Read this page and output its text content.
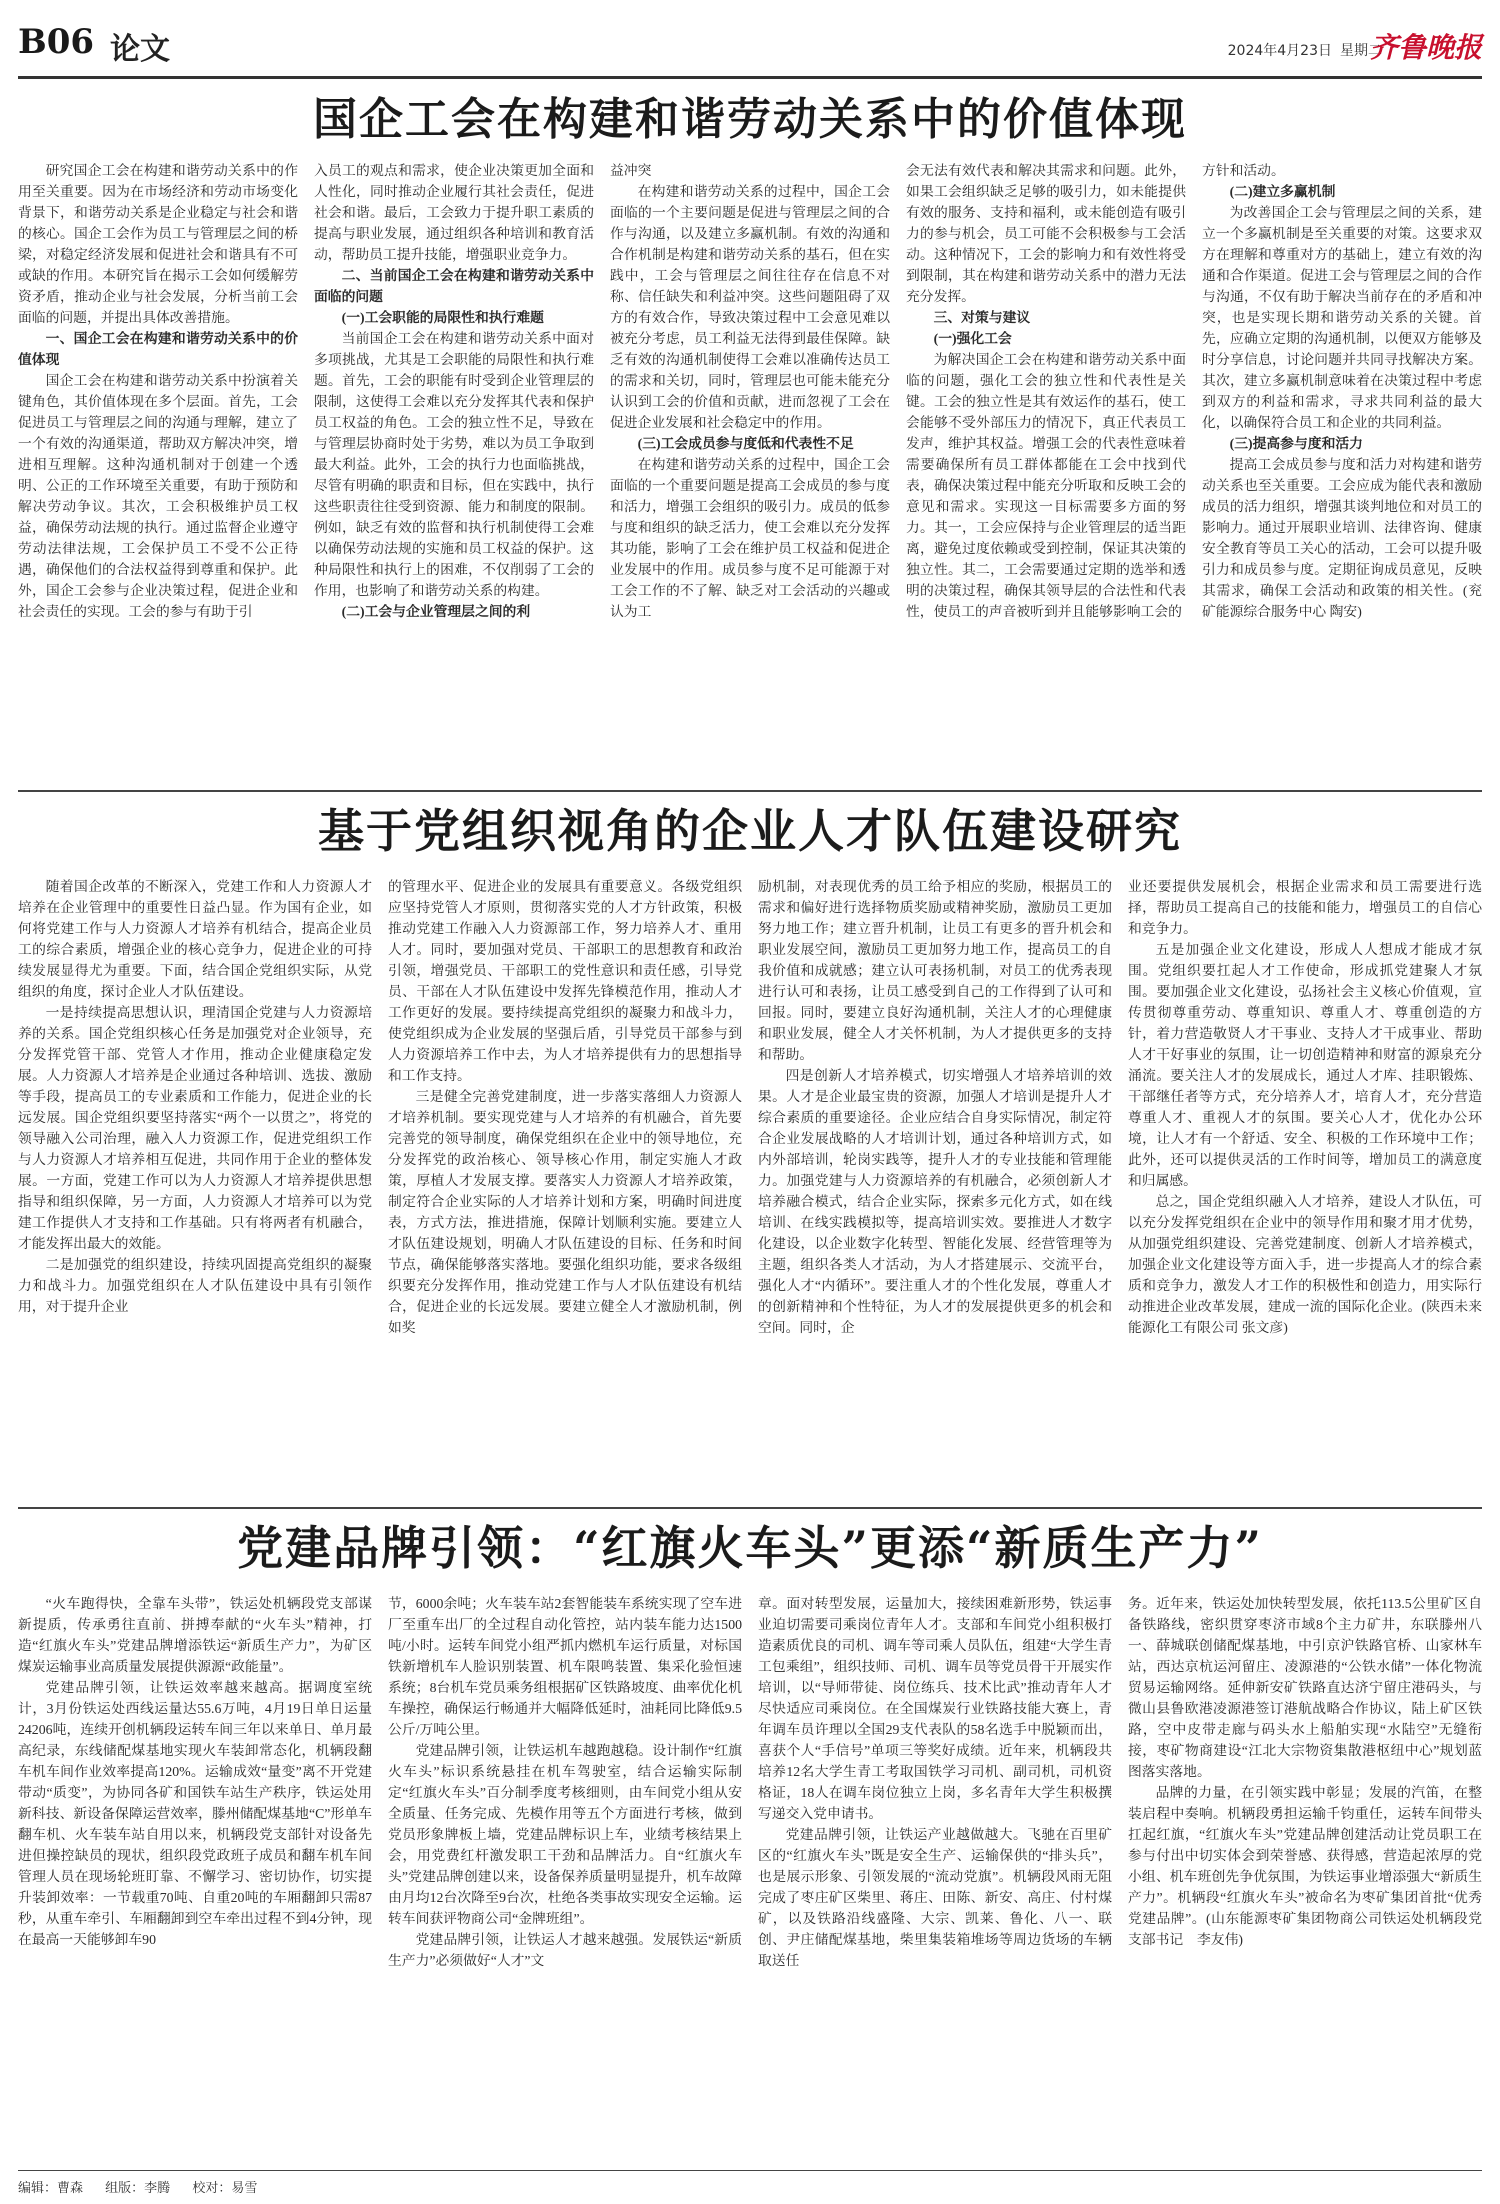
B06 论文	2024年4月23日 星期二
齐鲁晚报
国企工会在构建和谐劳动关系中的价值体现

研究国企工会在构建和谐劳动关系中的作用至关重要。因为在市场经济和劳动市场变化背景下，和谐劳动关系是企业稳定与社会和谐的核心。国企工会作为员工与管理层之间的桥梁，对稳定经济发展和促进社会和谐具有不可或缺的作用。本研究旨在揭示工会如何缓解劳资矛盾，推动企业与社会发展，分析当前工会面临的问题，并提出具体改善措施。

一、国企工会在构建和谐劳动关系中的价值体现

国企工会在构建和谐劳动关系中扮演着关键角色，其价值体现在多个层面。首先，工会促进员工与管理层之间的沟通与理解，建立了一个有效的沟通渠道，帮助双方解决冲突，增进相互理解。这种沟通机制对于创建一个透明、公正的工作环境至关重要，有助于预防和解决劳动争议。其次，工会积极维护员工权益，确保劳动法规的执行。通过监督企业遵守劳动法律法规，工会保护员工不受不公正待遇，确保他们的合法权益得到尊重和保护。此外，国企工会参与企业决策过程，促进企业和社会责任的实现。工会的参与有助于引

入员工的观点和需求，使企业决策更加全面和人性化，同时推动企业履行其社会责任，促进社会和谐。最后，工会致力于提升职工素质的提高与职业发展，通过组织各种培训和教育活动，帮助员工提升技能，增强职业竞争力。

二、当前国企工会在构建和谐劳动关系中面临的问题

(一)工会职能的局限性和执行难题

当前国企工会在构建和谐劳动关系中面对多项挑战，尤其是工会职能的局限性和执行难题。首先，工会的职能有时受到企业管理层的限制，这使得工会难以充分发挥其代表和保护员工权益的角色。工会的独立性不足，导致在与管理层协商时处于劣势，难以为员工争取到最大利益。此外，工会的执行力也面临挑战，尽管有明确的职责和目标，但在实践中，执行这些职责往往受到资源、能力和制度的限制。例如，缺乏有效的监督和执行机制使得工会难以确保劳动法规的实施和员工权益的保护。这种局限性和执行上的困难，不仅削弱了工会的作用，也影响了和谐劳动关系的构建。

(二)工会与企业管理层之间的利

益冲突

在构建和谐劳动关系的过程中，国企工会面临的一个主要问题是促进与管理层之间的合作与沟通，以及建立多赢机制。有效的沟通和合作机制是构建和谐劳动关系的基石，但在实践中，工会与管理层之间往往存在信息不对称、信任缺失和利益冲突。这些问题阻碍了双方的有效合作，导致决策过程中工会意见难以被充分考虑，员工利益无法得到最佳保障。缺乏有效的沟通机制使得工会难以准确传达员工的需求和关切，同时，管理层也可能未能充分认识到工会的价值和贡献，进而忽视了工会在促进企业发展和社会稳定中的作用。

(三)工会成员参与度低和代表性不足

在构建和谐劳动关系的过程中，国企工会面临的一个重要问题是提高工会成员的参与度和活力，增强工会组织的吸引力。成员的低参与度和组织的缺乏活力，使工会难以充分发挥其功能，影响了工会在维护员工权益和促进企业发展中的作用。成员参与度不足可能源于对工会工作的不了解、缺乏对工会活动的兴趣或认为工

会无法有效代表和解决其需求和问题。此外，如果工会组织缺乏足够的吸引力，如未能提供有效的服务、支持和福利，或未能创造有吸引力的参与机会，员工可能不会积极参与工会活动。这种情况下，工会的影响力和有效性将受到限制，其在构建和谐劳动关系中的潜力无法充分发挥。

三、对策与建议

(一)强化工会

为解决国企工会在构建和谐劳动关系中面临的问题，强化工会的独立性和代表性是关键。工会的独立性是其有效运作的基石，使工会能够不受外部压力的情况下，真正代表员工发声，维护其权益。增强工会的代表性意味着需要确保所有员工群体都能在工会中找到代表，确保决策过程中能充分听取和反映工会的意见和需求。实现这一目标需要多方面的努力。其一，工会应保持与企业管理层的适当距离，避免过度依赖或受到控制，保证其决策的独立性。其二，工会需要通过定期的选举和透明的决策过程，确保其领导层的合法性和代表性，使员工的声音被听到并且能够影响工会的

方针和活动。

(二)建立多赢机制

为改善国企工会与管理层之间的关系，建立一个多赢机制是至关重要的对策。这要求双方在理解和尊重对方的基础上，建立有效的沟通和合作渠道。促进工会与管理层之间的合作与沟通，不仅有助于解决当前存在的矛盾和冲突，也是实现长期和谐劳动关系的关键。首先，应确立定期的沟通机制，以便双方能够及时分享信息，讨论问题并共同寻找解决方案。其次，建立多赢机制意味着在决策过程中考虑到双方的利益和需求，寻求共同利益的最大化，以确保符合员工和企业的共同利益。

(三)提高参与度和活力

提高工会成员参与度和活力对构建和谐劳动关系也至关重要。工会应成为能代表和激励成员的活力组织，增强其谈判地位和对员工的影响力。通过开展职业培训、法律咨询、健康安全教育等员工关心的活动，工会可以提升吸引力和成员参与度。定期征询成员意见，反映其需求，确保工会活动和政策的相关性。(兖矿能源综合服务中心 陶安)

基于党组织视角的企业人才队伍建设研究

随着国企改革的不断深入，党建工作和人力资源人才培养在企业管理中的重要性日益凸显。作为国有企业，如何将党建工作与人力资源人才培养有机结合，提高企业员工的综合素质，增强企业的核心竞争力，促进企业的可持续发展显得尤为重要。下面，结合国企党组织实际，从党组织的角度，探讨企业人才队伍建设。

一是持续提高思想认识，理清国企党建与人力资源培养的关系。国企党组织核心任务是加强党对企业领导，充分发挥党管干部、党管人才作用，推动企业健康稳定发展。人力资源人才培养是企业通过各种培训、选拔、激励等手段，提高员工的专业素质和工作能力，促进企业的长远发展。国企党组织要坚持落实“两个一以贯之”，将党的领导融入公司治理，融入人力资源工作，促进党组织工作与人力资源人才培养相互促进，共同作用于企业的整体发展。一方面，党建工作可以为人力资源人才培养提供思想指导和组织保障，另一方面，人力资源人才培养可以为党建工作提供人才支持和工作基础。只有将两者有机融合，才能发挥出最大的效能。

二是加强党的组织建设，持续巩固提高党组织的凝聚力和战斗力。加强党组织在人才队伍建设中具有引领作用，对于提升企业

的管理水平、促进企业的发展具有重要意义。各级党组织应坚持党管人才原则，贯彻落实党的人才方针政策，积极推动党建工作融入人力资源部工作，努力培养人才、重用人才。同时，要加强对党员、干部职工的思想教育和政治引领，增强党员、干部职工的党性意识和责任感，引导党员、干部在人才队伍建设中发挥先锋模范作用，推动人才工作更好的发展。要持续提高党组织的凝聚力和战斗力，使党组织成为企业发展的坚强后盾，引导党员干部参与到人力资源培养工作中去，为人才培养提供有力的思想指导和工作支持。

三是健全完善党建制度，进一步落实落细人力资源人才培养机制。要实现党建与人才培养的有机融合，首先要完善党的领导制度，确保党组织在企业中的领导地位，充分发挥党的政治核心、领导核心作用，制定实施人才政策，厚植人才发展支撑。要落实人力资源人才培养政策，制定符合企业实际的人才培养计划和方案，明确时间进度表，方式方法，推进措施，保障计划顺利实施。要建立人才队伍建设规划，明确人才队伍建设的目标、任务和时间节点，确保能够落实落地。要强化组织功能，要求各级组织要充分发挥作用，推动党建工作与人才队伍建设有机结合，促进企业的长远发展。要建立健全人才激励机制，例如奖

励机制，对表现优秀的员工给予相应的奖励，根据员工的需求和偏好进行选择物质奖励或精神奖励，激励员工更加努力地工作；建立晋升机制，让员工有更多的晋升机会和职业发展空间，激励员工更加努力地工作，提高员工的自我价值和成就感；建立认可表扬机制，对员工的优秀表现进行认可和表扬，让员工感受到自己的工作得到了认可和回报。同时，要建立良好沟通机制，关注人才的心理健康和职业发展，健全人才关怀机制，为人才提供更多的支持和帮助。

四是创新人才培养模式，切实增强人才培养培训的效果。人才是企业最宝贵的资源，加强人才培训是提升人才综合素质的重要途径。企业应结合自身实际情况，制定符合企业发展战略的人才培训计划，通过各种培训方式，如内外部培训，轮岗实践等，提升人才的专业技能和管理能力。加强党建与人力资源培养的有机融合，必须创新人才培养融合模式，结合企业实际，探索多元化方式，如在线培训、在线实践模拟等，提高培训实效。要推进人才数字化建设，以企业数字化转型、智能化发展、经营管理等为主题，组织各类人才活动，为人才搭建展示、交流平台，强化人才“内循环”。要注重人才的个性化发展，尊重人才的创新精神和个性特征，为人才的发展提供更多的机会和空间。同时，企

业还要提供发展机会，根据企业需求和员工需要进行选择，帮助员工提高自己的技能和能力，增强员工的自信心和竞争力。

五是加强企业文化建设，形成人人想成才能成才氛围。党组织要扛起人才工作使命，形成抓党建聚人才氛围。要加强企业文化建设，弘扬社会主义核心价值观，宣传贯彻尊重劳动、尊重知识、尊重人才、尊重创造的方针，着力营造敬贤人才干事业、支持人才干成事业、帮助人才干好事业的氛围，让一切创造精神和财富的源泉充分涌流。要关注人才的发展成长，通过人才库、挂职锻炼、干部继任者等方式，充分培养人才，培育人才，充分营造尊重人才、重视人才的氛围。要关心人才，优化办公环境，让人才有一个舒适、安全、积极的工作环境中工作；此外，还可以提供灵活的工作时间等，增加员工的满意度和归属感。

总之，国企党组织融入人才培养，建设人才队伍，可以充分发挥党组织在企业中的领导作用和聚才用才优势，从加强党组织建设、完善党建制度、创新人才培养模式，加强企业文化建设等方面入手，进一步提高人才的综合素质和竞争力，激发人才工作的积极性和创造力，用实际行动推进企业改革发展，建成一流的国际化企业。(陕西未来能源化工有限公司 张文彦)

党建品牌引领：“红旗火车头”更添“新质生产力”

“火车跑得快，全靠车头带”，铁运处机辆段党支部谋新提质，传承勇往直前、拼搏奉献的“火车头”精神，打造“红旗火车头”党建品牌增添铁运“新质生产力”，为矿区煤炭运输事业高质量发展提供源源“政能量”。

党建品牌引领，让铁运效率越来越高。据调度室统计，3月份铁运处西线运量达55.6万吨，4月19日单日运量24206吨，连续开创机辆段运转车间三年以来单日、单月最高纪录，东线储配煤基地实现火车装卸常态化，机辆段翻车机车间作业效率提高120%。运输成效“量变”离不开党建带动“质变”，为协同各矿和国铁车站生产秩序，铁运处用新科技、新设备保障运营效率，滕州储配煤基地“C”形单车翻车机、火车装车站自用以来，机辆段党支部针对设备先进但操控缺员的现状，组织段党政班子成员和翻车机车间管理人员在现场轮班盯靠、不懈学习、密切协作，切实提升装卸效率：一节载重70吨、自重20吨的车厢翻卸只需87秒，从重车牵引、车厢翻卸到空车牵出过程不到4分钟，现在最高一天能够卸车90

节，6000余吨；火车装车站2套智能装车系统实现了空车进厂至重车出厂的全过程自动化管控，站内装车能力达1500吨/小时。运转车间党小组严抓内燃机车运行质量，对标国铁新增机车人脸识别装置、机车限鸣装置、集采化验恒速系统；8台机车党员乘务组根据矿区铁路坡度、曲率优化机车操控，确保运行畅通并大幅降低延时，油耗同比降低9.5公斤/万吨公里。

党建品牌引领，让铁运机车越跑越稳。设计制作“红旗火车头”标识系统悬挂在机车驾驶室，结合运输实际制定“红旗火车头”百分制季度考核细则，由车间党小组从安全质量、任务完成、先模作用等五个方面进行考核，做到党员形象牌板上墙，党建品牌标识上车，业绩考核结果上会，用党费红杆激发职工干劲和品牌活力。自“红旗火车头”党建品牌创建以来，设备保养质量明显提升，机车故障由月均12台次降至9台次，杜绝各类事故实现安全运输。运转车间获评物商公司“金牌班组”。

党建品牌引领，让铁运人才越来越强。发展铁运“新质生产力”必须做好“人才”文

章。面对转型发展，运量加大，接续困难新形势，铁运事业迫切需要司乘岗位青年人才。支部和车间党小组积极打造素质优良的司机、调车等司乘人员队伍，组建“大学生青工包乘组”，组织技师、司机、调车员等党员骨干开展实作培训，以“导师带徒、岗位练兵、技术比武”推动青年人才尽快适应司乘岗位。在全国煤炭行业铁路技能大赛上，青年调车员许理以全国29支代表队的58名选手中脱颖而出，喜获个人“手信号”单项三等奖好成绩。近年来，机辆段共培养12名大学生青工考取国铁学习司机、副司机，司机资格证，18人在调车岗位独立上岗，多名青年大学生积极撰写递交入党申请书。

党建品牌引领，让铁运产业越做越大。飞驰在百里矿区的“红旗火车头”既是安全生产、运输保供的“排头兵”，也是展示形象、引领发展的“流动党旗”。机辆段风雨无阻完成了枣庄矿区柴里、蒋庄、田陈、新安、高庄、付村煤矿，以及铁路沿线盛隆、大宗、凯莱、鲁化、八一、联创、尹庄储配煤基地，柴里集装箱堆场等周边货场的车辆取送任

务。近年来，铁运处加快转型发展，依托113.5公里矿区自备铁路线，密织贯穿枣济市域8个主力矿井，东联滕州八一、薛城联创储配煤基地，中引京沪铁路官桥、山家林车站，西达京杭运河留庄、凌源港的“公铁水储”一体化物流贸易运输网络。延伸新安矿铁路直达济宁留庄港码头，与微山县鲁欧港凌源港签订港航战略合作协议，陆上矿区铁路，空中皮带走廊与码头水上船舶实现“水陆空”无缝衔接，枣矿物商建设“江北大宗物资集散港枢纽中心”规划蓝图落实落地。

品牌的力量，在引领实践中彰显；发展的汽笛，在整装启程中奏响。机辆段勇担运输千钧重任，运转车间带头扛起红旗，“红旗火车头”党建品牌创建活动让党员职工在参与付出中切实体会到荣誉感、获得感，营造起浓厚的党小组、机车班创先争优氛围，为铁运事业增添强大“新质生产力”。机辆段“红旗火车头”被命名为枣矿集团首批“优秀党建品牌”。(山东能源枣矿集团物商公司铁运处机辆段党支部书记　李友伟)

编辑：曹森 组版：李腾 校对：易雪
